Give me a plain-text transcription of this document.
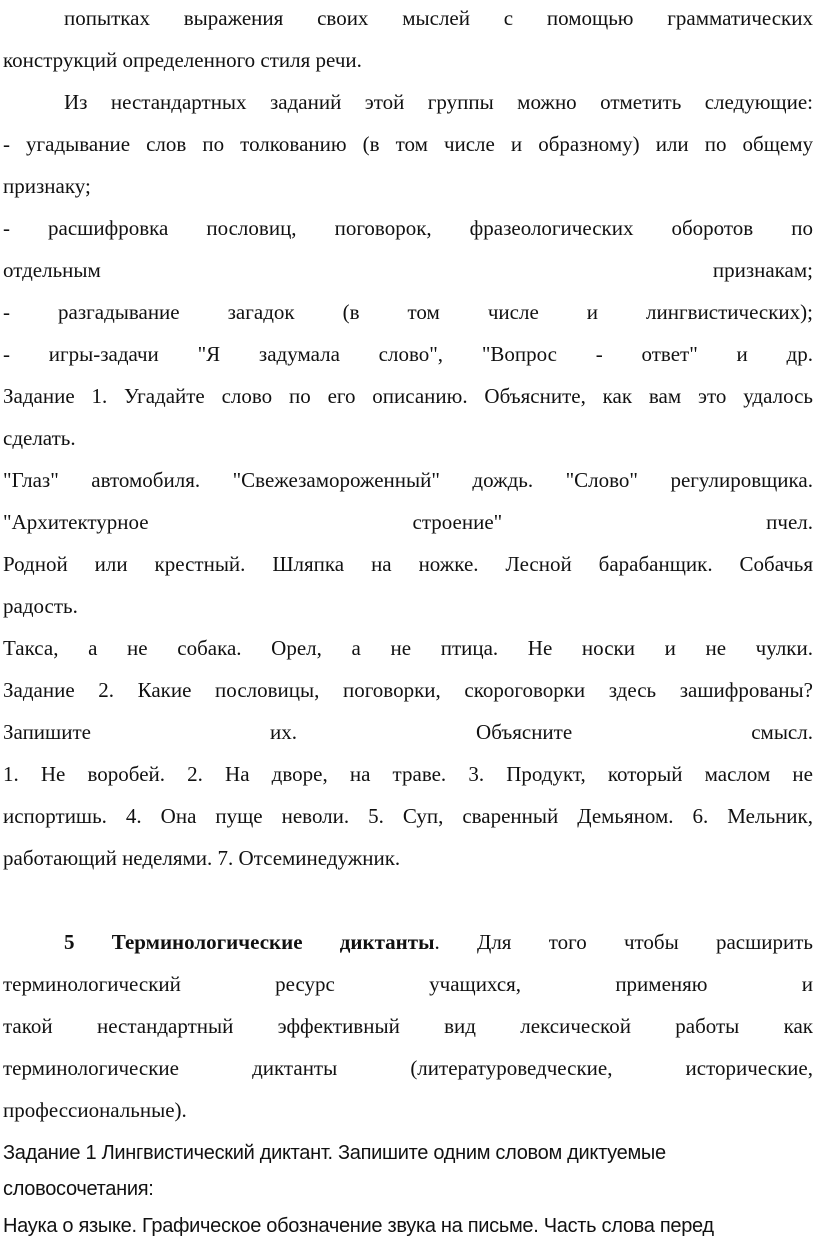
попытках выражения своих мыслей с помощью грамматических
конструкций определенного стиля речи.
Из нестандартных заданий этой группы можно отметить следующие:
- угадывание слов по толкованию (в том числе и образному) или по общему
признаку;
- расшифровка пословиц, поговорок, фразеологических оборотов по
отдельным признакам;
- разгадывание загадок (в том числе и лингвистических);
- игры-задачи "Я задумала слово", "Вопрос - ответ" и др.
Задание 1. Угадайте слово по его описанию. Объясните, как вам это удалось
сделать.
"Глаз" автомобиля. "Свежезамороженный" дождь. "Слово" регулировщика.
"Архитектурное строение" пчел.
Родной или крестный. Шляпка на ножке. Лесной барабанщик. Собачья
радость.
Такса, а не собака. Орел, а не птица. Не носки и не чулки.
Задание 2. Какие пословицы, поговорки, скороговорки здесь зашифрованы?
Запишите их. Объясните смысл.
1. Не воробей. 2. На дворе, на траве. 3. Продукт, который маслом не
испортишь. 4. Она пуще неволи. 5. Суп, сваренный Демьяном. 6. Мельник,
работающий неделями. 7. Отсеминедужник.
5 Терминологические диктанты. Для того чтобы расширить
терминологический ресурс учащихся, применяю и
такой нестандартный эффективный вид лексической работы как
терминологические диктанты (литературоведческие, исторические,
профессиональные).
Задание 1 Лингвистический диктант. Запишите одним словом диктуемые
словосочетания:
Наука о языке. Графическое обозначение звука на письме. Часть слова перед
